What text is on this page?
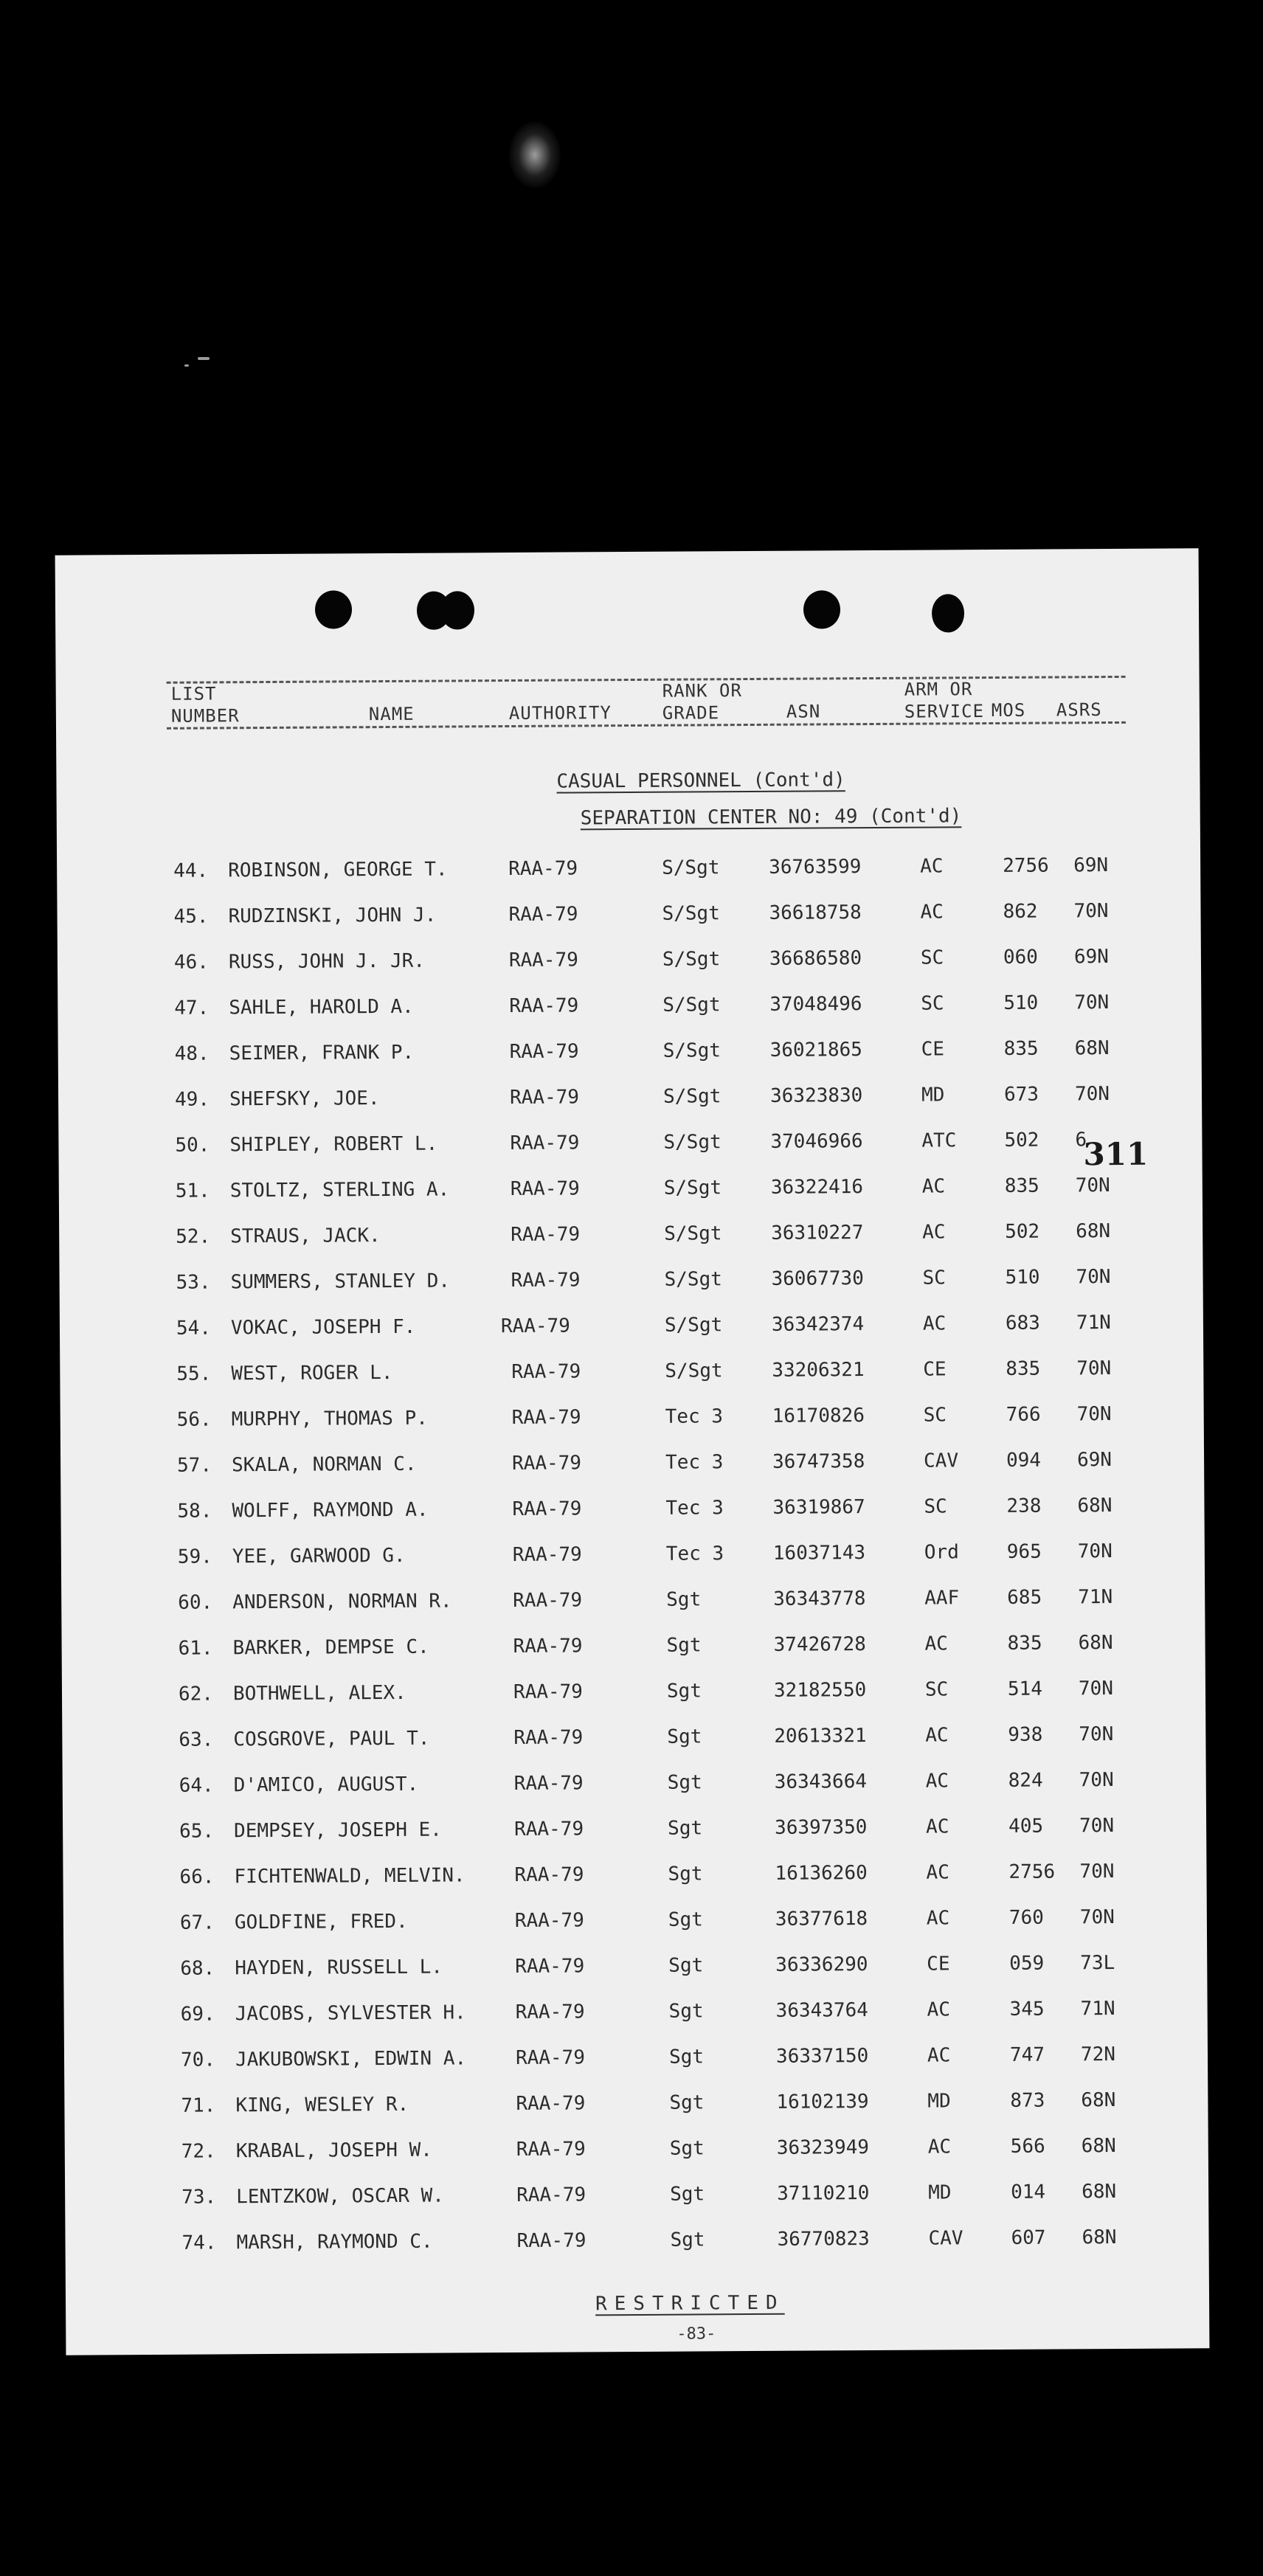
LIST
NUMBER	NAME	AUTHORITY
RANK OR
GRADE	ASN
ARM OR
SERVICE MOS ASRS
CASUAL PERSONNEL (Cont'd)
SEPARATION CENTER NO: 49 (Cont'd)
44. ROBINSON, GEORGE T.	RAA-79	S/Sgt	36763599	AC	2756 69N
45. RUDZINSKI, JOHN J.	RAA-79	S/Sgt	36618758	AC	862 70N
46. RUSS, JOHN J. JR.	RAA-79	S/Sgt	36686580	SC	060 69N
47. SAHLE, HAROLD A.	RAA-79	S/Sgt	37048496	SC	510 70N
48. SEIMER, FRANK P.	RAA-79	S/Sgt	36021865	CE	835 68N
49. SHEFSKY, JOE.	RAA-79	S/Sgt	36323830	MD	673 70N
50. SHIPLEY, ROBERT L.	RAA-79	S/Sgt	37046966	ATC 502 6
51. STOLTZ, STERLING A.	RAA-79	S/Sgt	36322416	AC	835 70N
52. STRAUS, JACK.	RAA-79	S/Sgt	36310227	AC	502 68N
53. SUMMERS, STANLEY D.	RAA-79	S/Sgt	36067730	SC	510 70N
54. VOKAC, JOSEPH F.	RAA-79	S/Sgt	36342374	AC	683 71N
55. WEST, ROGER L.	RAA-79	S/Sgt	33206321	CE	835 70N
56. MURPHY, THOMAS P.	RAA-79	Tec 3	16170826	SC	766 70N
57. SKALA, NORMAN C.	RAA-79	Tec 3	36747358	CAV 094 69N
58. WOLFF, RAYMOND A.	RAA-79	Tec 3	36319867	SC	238 68N
59. YEE, GARWOOD G.	RAA-79	Tec 3	16037143	Ord 965 70N
60. ANDERSON, NORMAN R.	RAA-79	Sgt	36343778	AAF 685 71N
61. BARKER, DEMPSE C.	RAA-79	Sgt	37426728	AC	835 68N
62. BOTHWELL, ALEX.	RAA-79	Sgt	32182550	SC	514 70N
63. COSGROVE, PAUL T.	RAA-79	Sgt	20613321	AC	938 70N
64. D'AMICO, AUGUST.	RAA-79	Sgt	36343664	AC	824 70N
65. DEMPSEY, JOSEPH E.	RAA-79	Sgt	36397350	AC	405 70N
66. FICHTENWALD, MELVIN.	RAA-79	Sgt	16136260	AC	2756 70N
67. GOLDFINE, FRED.	RAA-79	Sgt	36377618	AC	760 70N
68. HAYDEN, RUSSELL L.	RAA-79	Sgt	36336290	CE	059 73L
69. JACOBS, SYLVESTER H.	RAA-79	Sgt	36343764	AC	345 71N
70. JAKUBOWSKI, EDWIN A.	RAA-79	Sgt	36337150	AC	747 72N
71. KING, WESLEY R.	RAA-79	Sgt	16102139	MD	873 68N
72. KRABAL, JOSEPH W.	RAA-79	Sgt	36323949	AC	566 68N
73. LENTZKOW, OSCAR W.	RAA-79	Sgt	37110210	MD	014 68N
74. MARSH, RAYMOND C.	RAA-79	Sgt	36770823	CAV 607 68N
311
RESTRICTED
-83-
